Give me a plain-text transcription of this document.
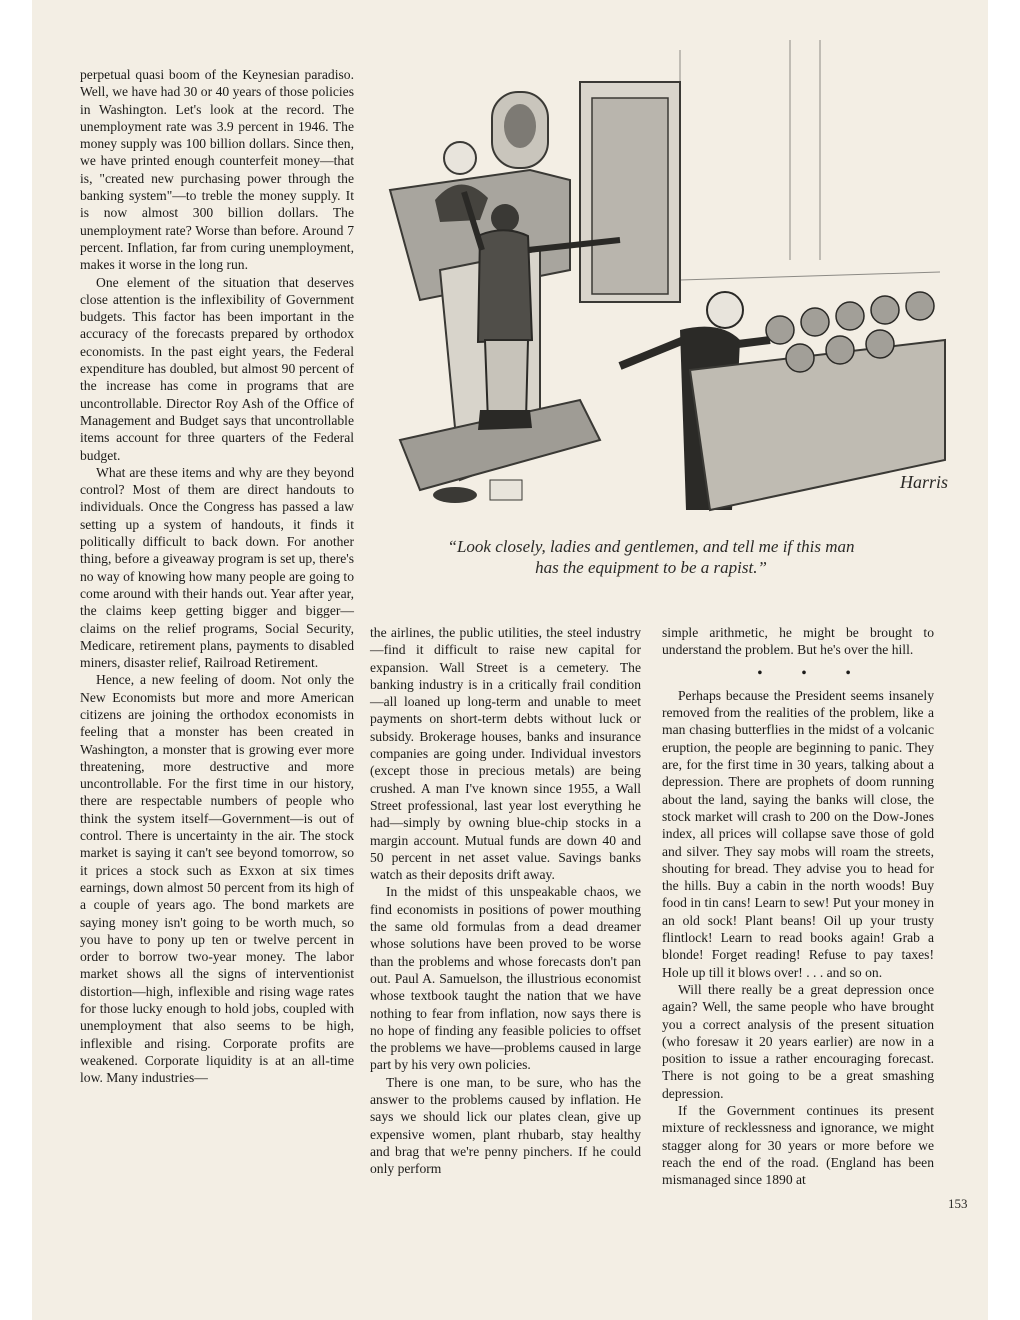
perpetual quasi boom of the Keynesian paradiso. Well, we have had 30 or 40 years of those policies in Washington. Let's look at the record. The unemployment rate was 3.9 percent in 1946. The money supply was 100 billion dollars. Since then, we have printed enough counterfeit money—that is, "created new purchasing power through the banking system"—to treble the money supply. It is now almost 300 billion dollars. The unemployment rate? Worse than before. Around 7 percent. Inflation, far from curing unemployment, makes it worse in the long run.

One element of the situation that deserves close attention is the inflexibility of Government budgets. This factor has been important in the accuracy of the forecasts prepared by orthodox economists. In the past eight years, the Federal expenditure has doubled, but almost 90 percent of the increase has come in programs that are uncontrollable. Director Roy Ash of the Office of Management and Budget says that uncontrollable items account for three quarters of the Federal budget.

What are these items and why are they beyond control? Most of them are direct handouts to individuals. Once the Congress has passed a law setting up a system of handouts, it finds it politically difficult to back down. For another thing, before a giveaway program is set up, there's no way of knowing how many people are going to come around with their hands out. Year after year, the claims keep getting bigger and bigger—claims on the relief programs, Social Security, Medicare, retirement plans, payments to disabled miners, disaster relief, Railroad Retirement.

Hence, a new feeling of doom. Not only the New Economists but more and more American citizens are joining the orthodox economists in feeling that a monster has been created in Washington, a monster that is growing ever more threatening, more destructive and more uncontrollable. For the first time in our history, there are respectable numbers of people who think the system itself—Government—is out of control. There is uncertainty in the air. The stock market is saying it can't see beyond tomorrow, so it prices a stock such as Exxon at six times earnings, down almost 50 percent from its high of a couple of years ago. The bond markets are saying money isn't going to be worth much, so you have to pony up ten or twelve percent in order to borrow two-year money. The labor market shows all the signs of interventionist distortion—high, inflexible and rising wage rates for those lucky enough to hold jobs, coupled with unemployment that also seems to be high, inflexible and rising. Corporate profits are weakened. Corporate liquidity is at an all-time low. Many industries—

Harris
“Look closely, ladies and gentlemen, and tell me if this man
has the equipment to be a rapist.”

the airlines, the public utilities, the steel industry—find it difficult to raise new capital for expansion. Wall Street is a cemetery. The banking industry is in a critically frail condition—all loaned up long-term and unable to meet payments on short-term debts without luck or subsidy. Brokerage houses, banks and insurance companies are going under. Individual investors (except those in precious metals) are being crushed. A man I've known since 1955, a Wall Street professional, last year lost everything he had—simply by owning blue-chip stocks in a margin account. Mutual funds are down 40 and 50 percent in net asset value. Savings banks watch as their deposits drift away.

In the midst of this unspeakable chaos, we find economists in positions of power mouthing the same old formulas from a dead dreamer whose solutions have been proved to be worse than the problems and whose forecasts don't pan out. Paul A. Samuelson, the illustrious economist whose textbook taught the nation that we have nothing to fear from inflation, now says there is no hope of finding any feasible policies to offset the problems we have—problems caused in large part by his very own policies.

There is one man, to be sure, who has the answer to the problems caused by inflation. He says we should lick our plates clean, give up expensive women, plant rhubarb, stay healthy and brag that we're penny pinchers. If he could only perform

simple arithmetic, he might be brought to understand the problem. But he's over the hill.

• • •

Perhaps because the President seems insanely removed from the realities of the problem, like a man chasing butterflies in the midst of a volcanic eruption, the people are beginning to panic. They are, for the first time in 30 years, talking about a depression. There are prophets of doom running about the land, saying the banks will close, the stock market will crash to 200 on the Dow-Jones index, all prices will collapse save those of gold and silver. They say mobs will roam the streets, shouting for bread. They advise you to head for the hills. Buy a cabin in the north woods! Buy food in tin cans! Learn to sew! Put your money in an old sock! Plant beans! Oil up your trusty flintlock! Learn to read books again! Grab a blonde! Forget reading! Refuse to pay taxes! Hole up till it blows over! . . . and so on.

Will there really be a great depression once again? Well, the same people who have brought you a correct analysis of the present situation (who foresaw it 20 years earlier) are now in a position to issue a rather encouraging forecast. There is not going to be a great smashing depression.

If the Government continues its present mixture of recklessness and ignorance, we might stagger along for 30 years or more before we reach the end of the road. (England has been mismanaged since 1890 at

153
